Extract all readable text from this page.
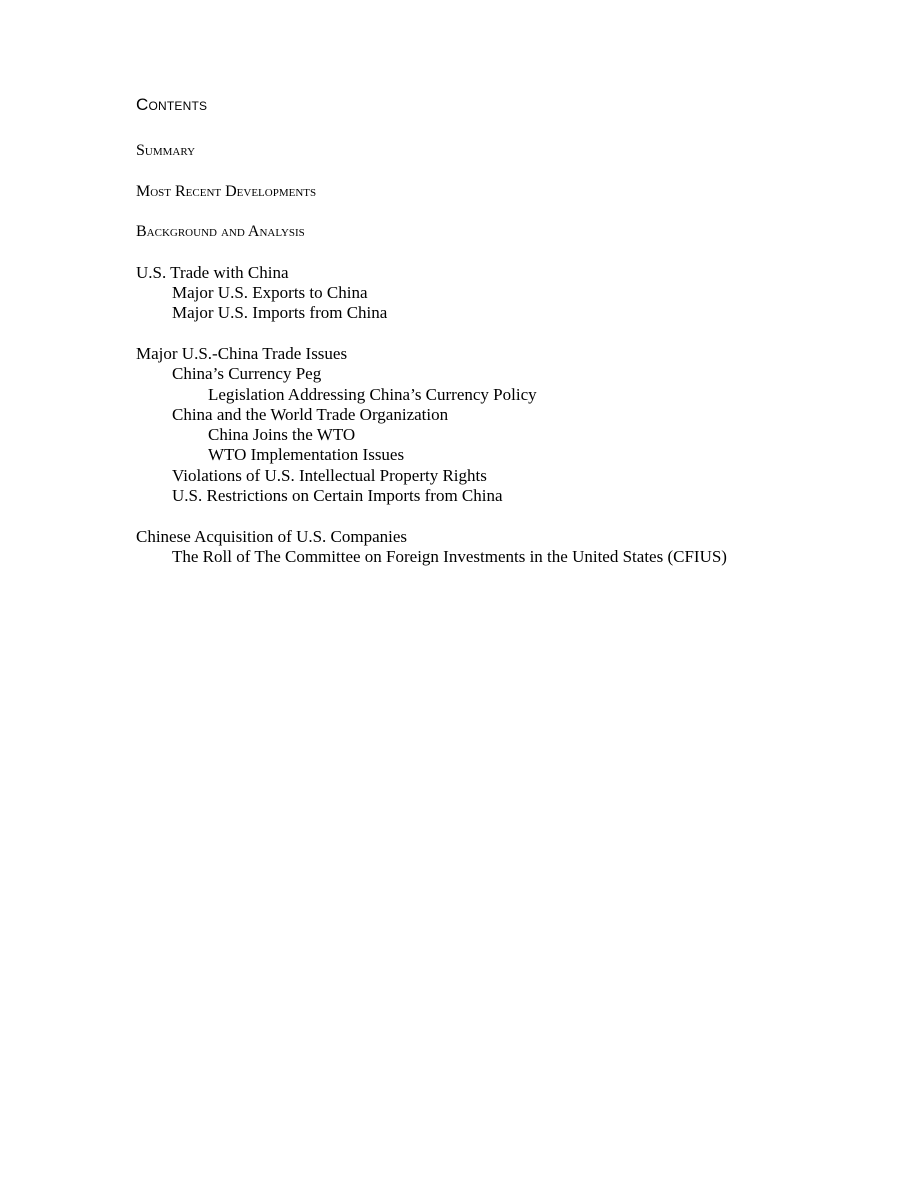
Contents
Summary
Most Recent Developments
Background and Analysis
U.S. Trade with China
Major U.S. Exports to China
Major U.S. Imports from China
Major U.S.-China Trade Issues
China’s Currency Peg
Legislation Addressing China’s Currency Policy
China and the World Trade Organization
China Joins the WTO
WTO Implementation Issues
Violations of U.S. Intellectual Property Rights
U.S. Restrictions on Certain Imports from China
Chinese Acquisition of U.S. Companies
The Roll of The Committee on Foreign Investments in the United States (CFIUS)
